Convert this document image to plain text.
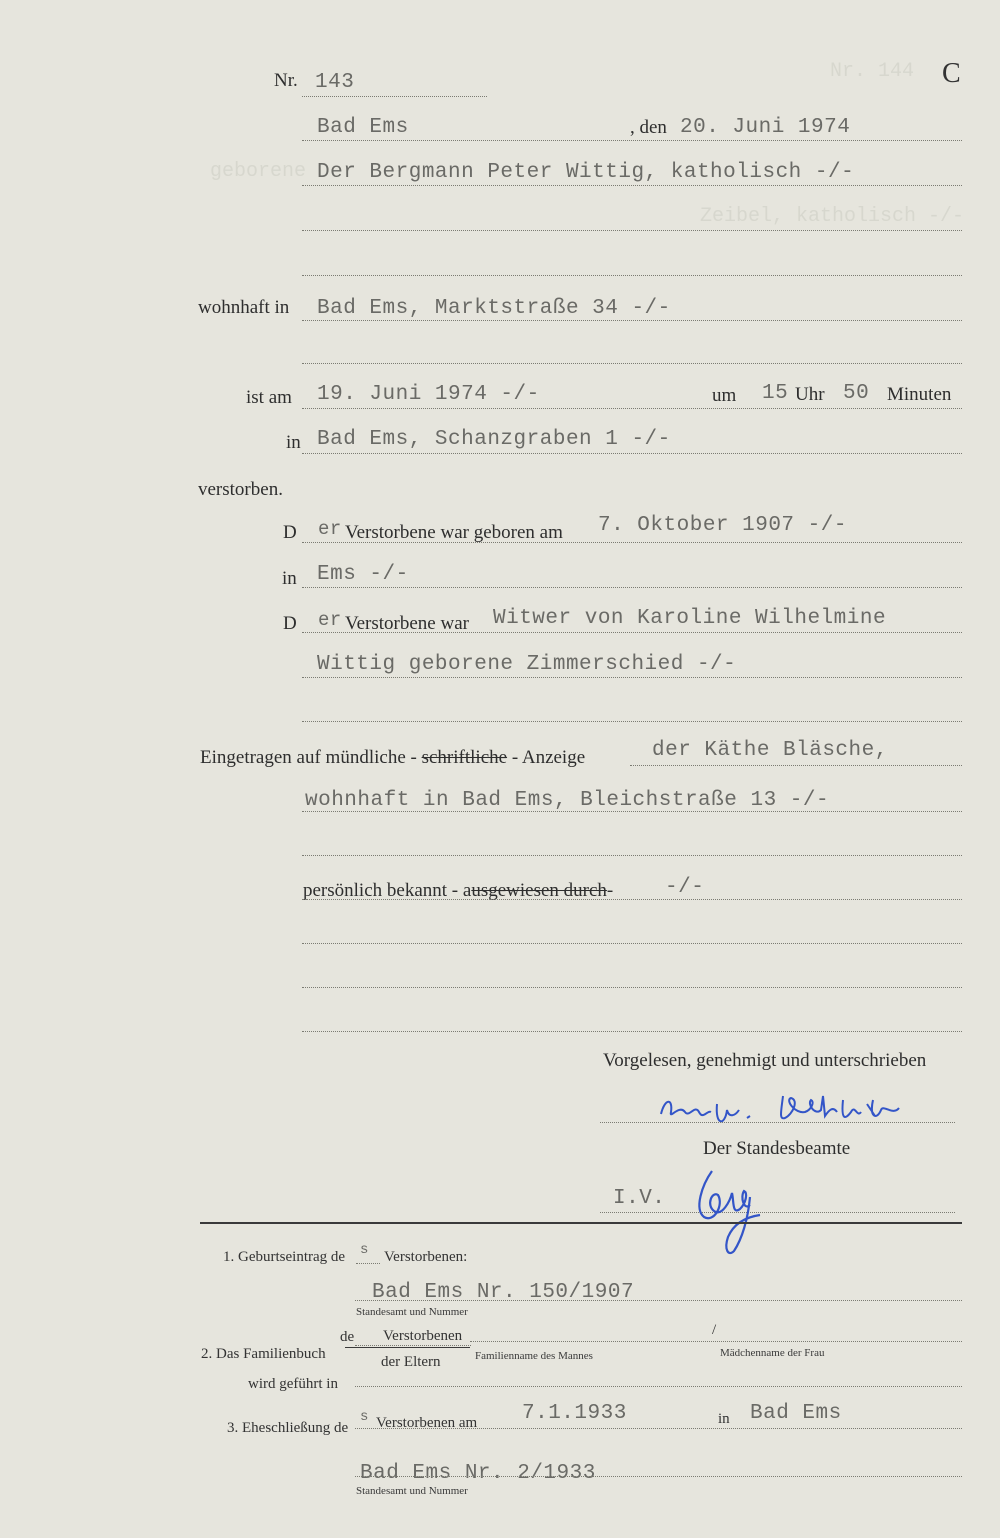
Nr. 144
geborene
Zeibel, katholisch -/-
C
Nr. 143
Bad Ems	, den 20. Juni 1974
Der Bergmann Peter Wittig, katholisch -/-
wohnhaft in Bad Ems, Marktstraße 34 -/-
ist am 19. Juni 1974 -/-	um 15 Uhr 50 Minuten
in Bad Ems, Schanzgraben 1 -/-
verstorben.
D er Verstorbene war geboren am 7. Oktober 1907 -/-
in Ems -/-
D er Verstorbene war Witwer von Karoline Wilhelmine
Wittig geborene Zimmerschied -/-
Eingetragen auf mündliche - schriftliche - Anzeige	der Käthe Bläsche,
wohnhaft in Bad Ems, Bleichstraße 13 -/-
persönlich bekannt - ausgewiesen durch- -/-
Vorgelesen, genehmigt und unterschrieben
Der Standesbeamte
I.V.
1. Geburtseintrag de s Verstorbenen:
Bad Ems Nr. 150/1907
Standesamt und Nummer
de Verstorbenen
2. Das Familienbuch	der Eltern
/
Familienname des Mannes	Mädchenname der Frau
wird geführt in
3. Eheschließung de
s Verstorbenen am 7.1.1933	in Bad Ems
Bad Ems Nr. 2/1933
Standesamt und Nummer
